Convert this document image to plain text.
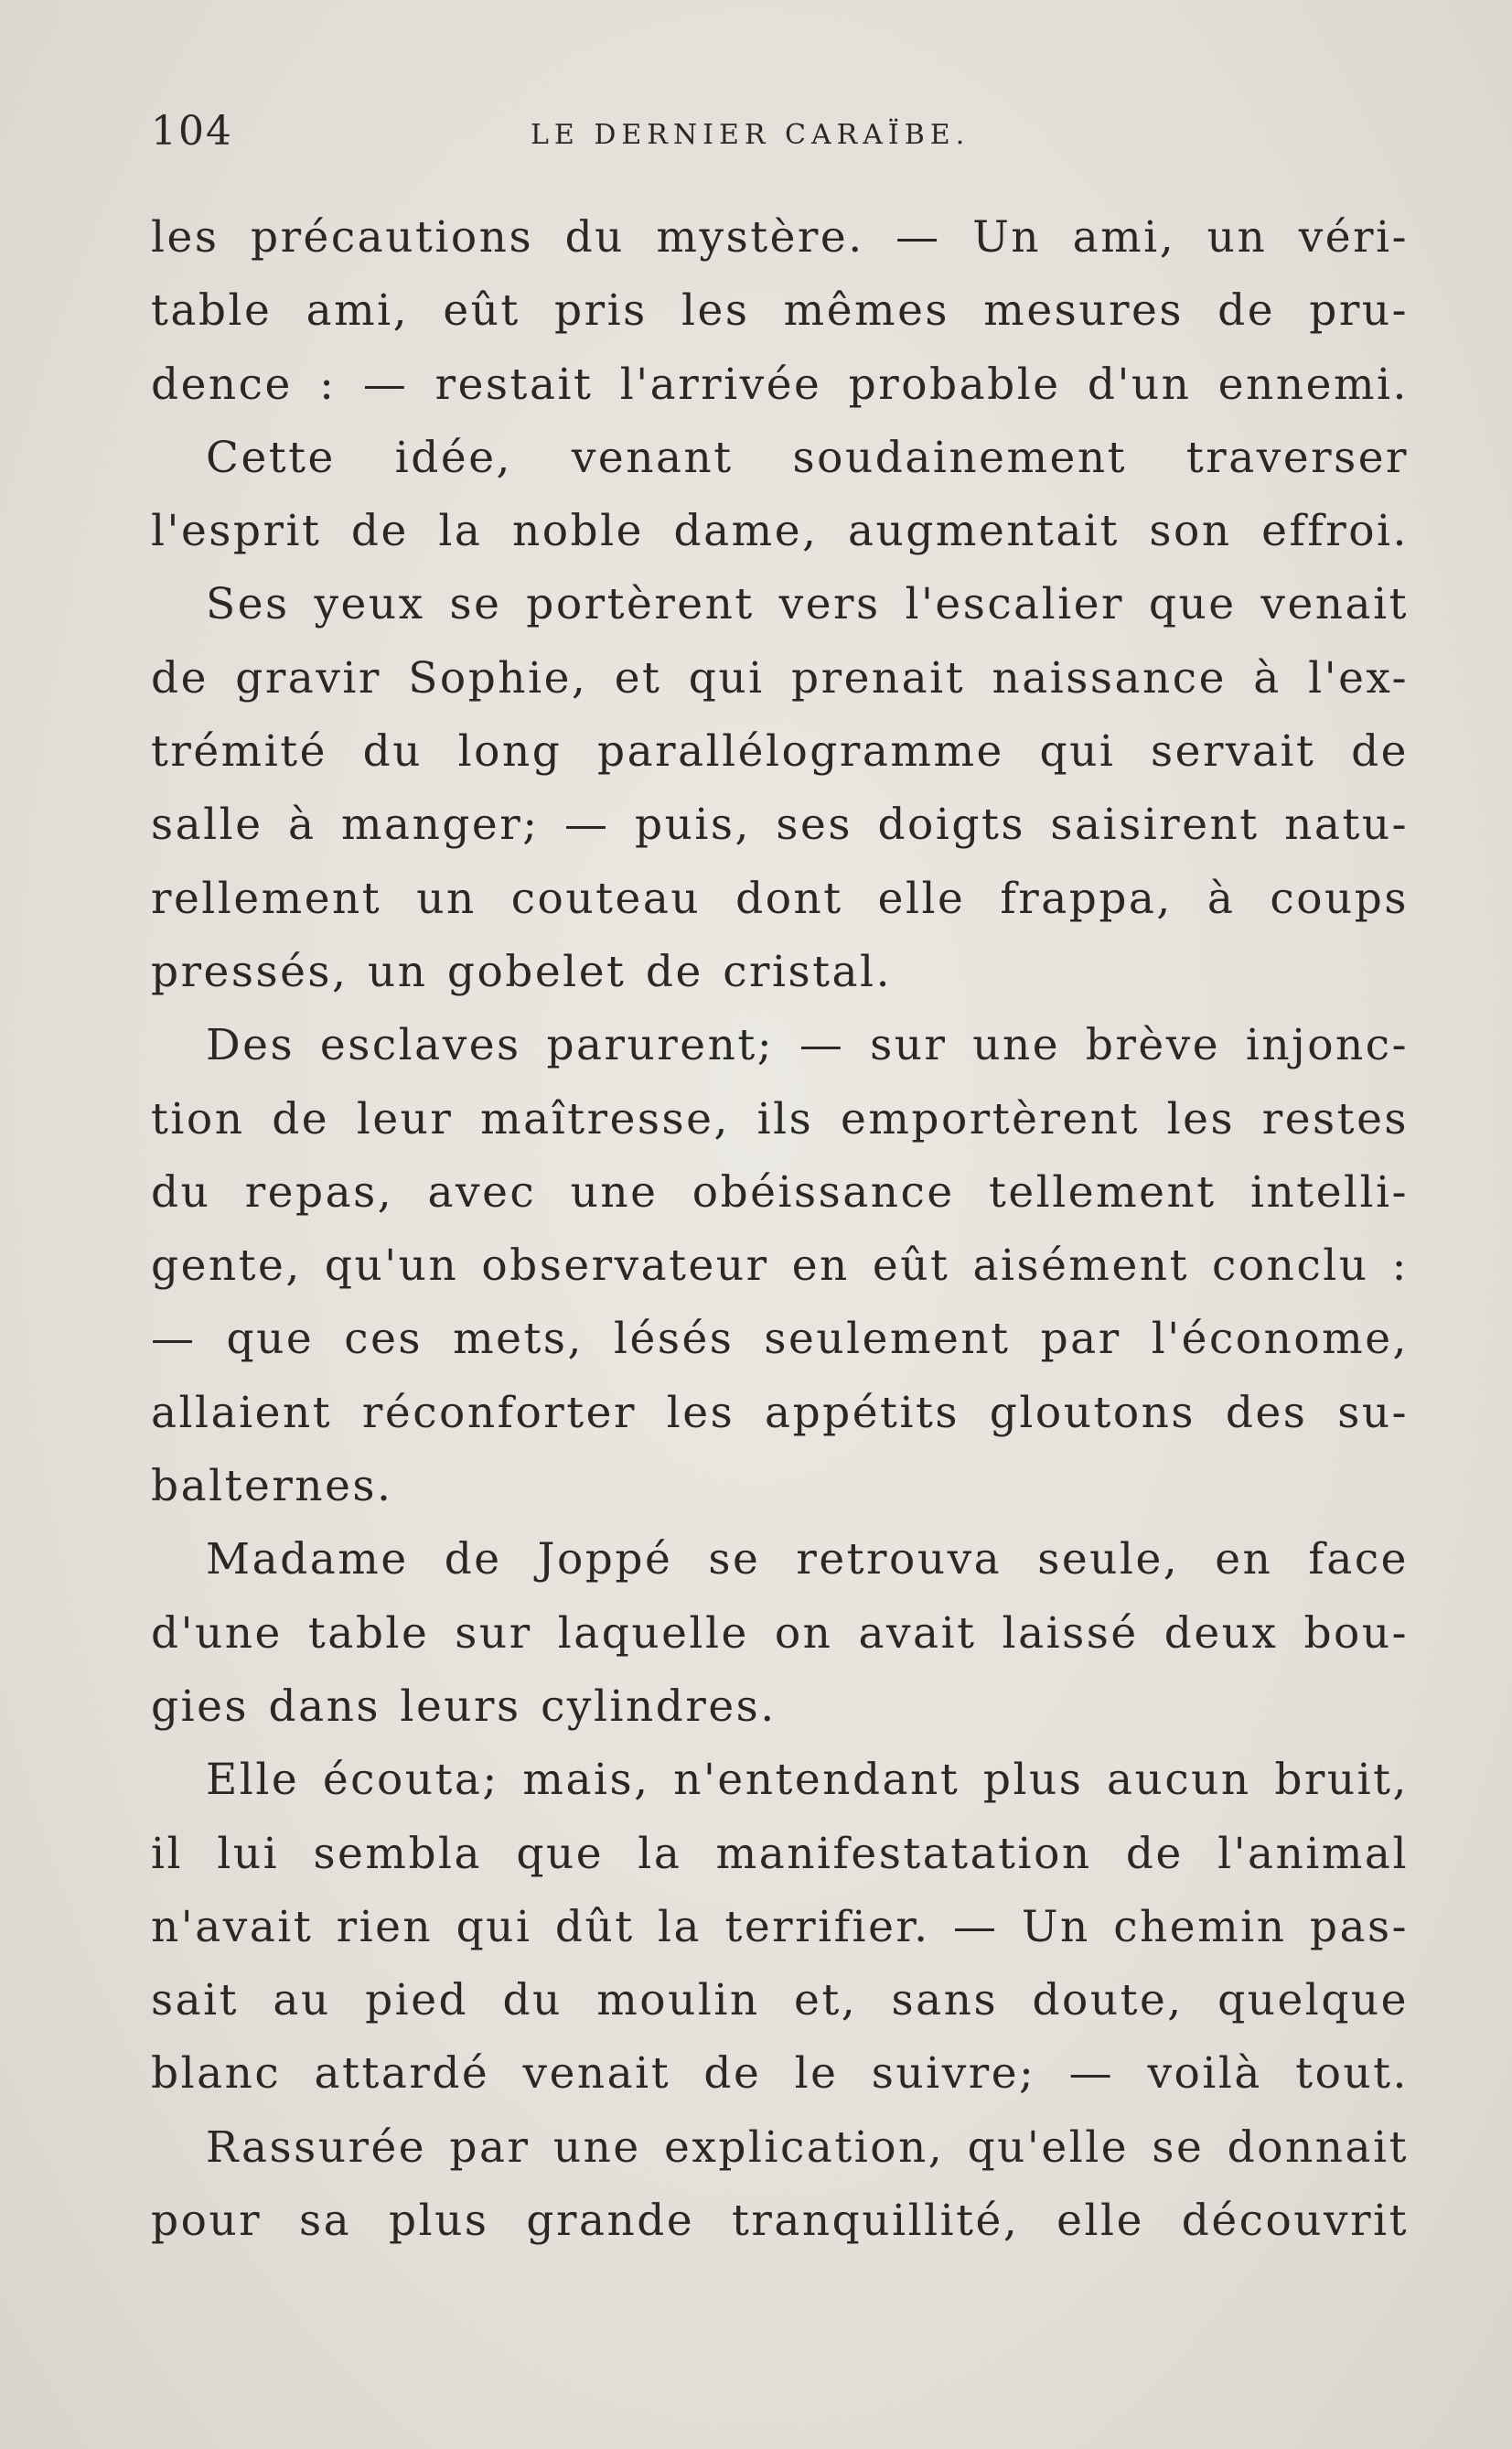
104	LE DERNIER CARAÏBE.
les précautions du mystère. — Un ami, un véri-
table ami, eût pris les mêmes mesures de pru-
dence : — restait l'arrivée probable d'un ennemi.
Cette idée, venant soudainement traverser
l'esprit de la noble dame, augmentait son effroi.
Ses yeux se portèrent vers l'escalier que venait
de gravir Sophie, et qui prenait naissance à l'ex-
trémité du long parallélogramme qui servait de
salle à manger; — puis, ses doigts saisirent natu-
rellement un couteau dont elle frappa, à coups
pressés, un gobelet de cristal.
Des esclaves parurent; — sur une brève injonc-
tion de leur maîtresse, ils emportèrent les restes
du repas, avec une obéissance tellement intelli-
gente, qu'un observateur en eût aisément conclu :
— que ces mets, lésés seulement par l'économe,
allaient réconforter les appétits gloutons des su-
balternes.
Madame de Joppé se retrouva seule, en face
d'une table sur laquelle on avait laissé deux bou-
gies dans leurs cylindres.
Elle écouta; mais, n'entendant plus aucun bruit,
il lui sembla que la manifestatation de l'animal
n'avait rien qui dût la terrifier. — Un chemin pas-
sait au pied du moulin et, sans doute, quelque
blanc attardé venait de le suivre; — voilà tout.
Rassurée par une explication, qu'elle se donnait
pour sa plus grande tranquillité, elle découvrit
